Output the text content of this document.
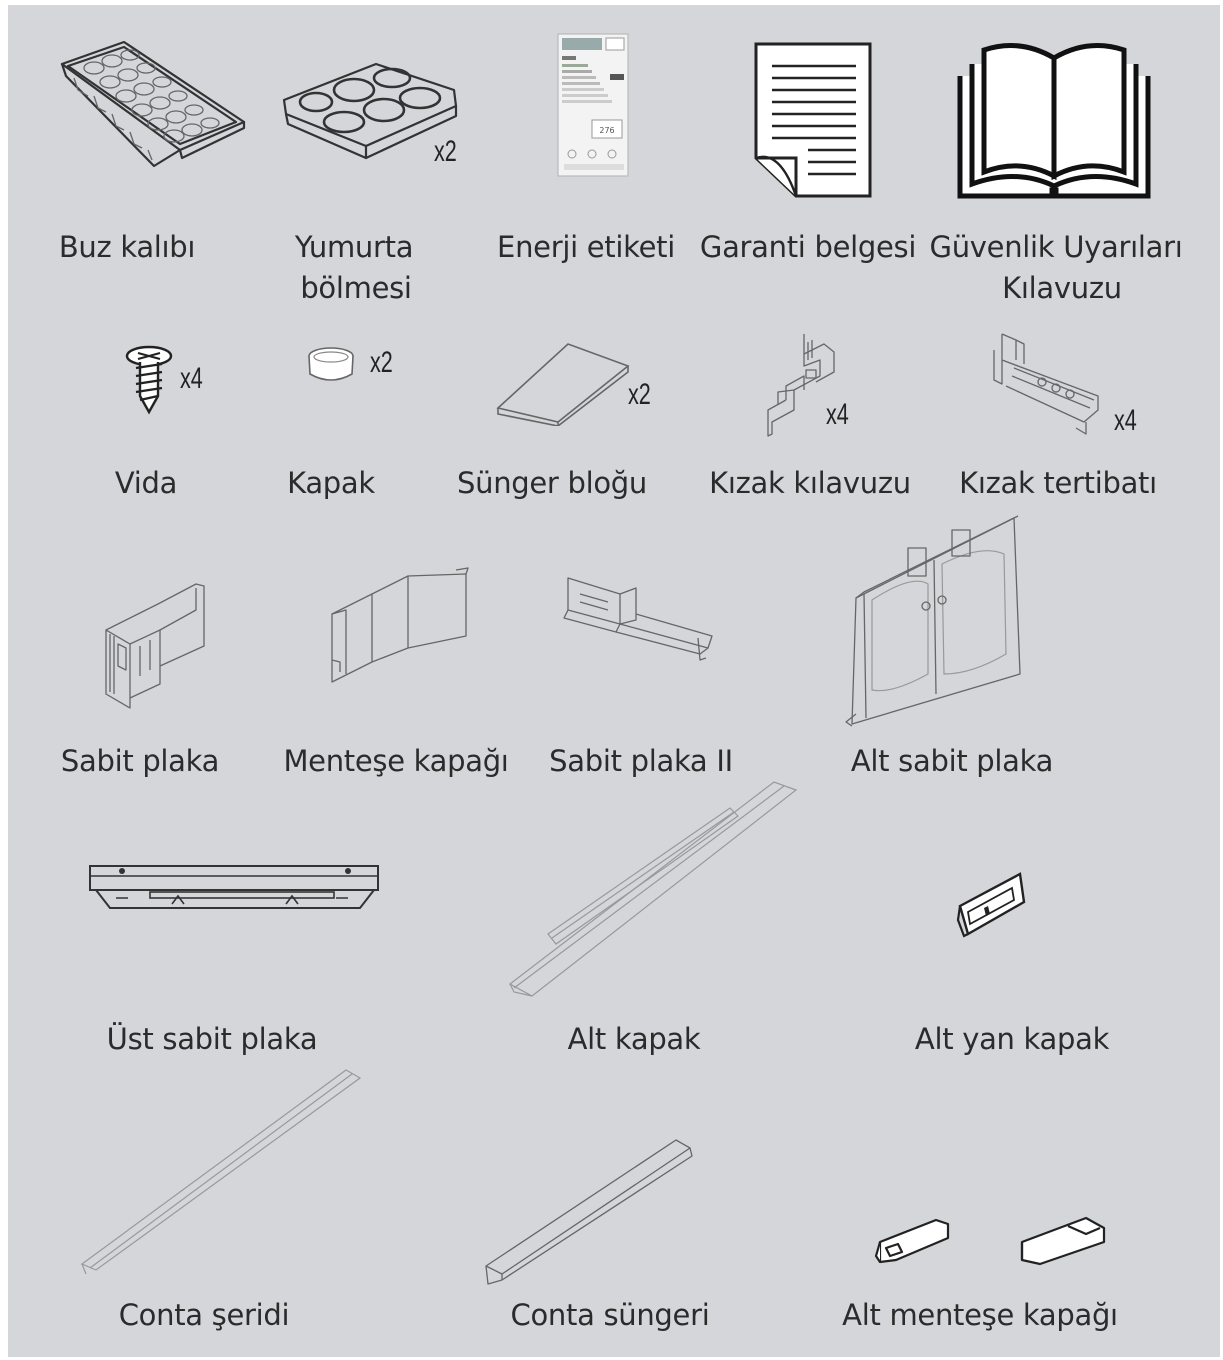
x2
276
Buz kalıbı	Yumurta
bölmesi
Enerji etiketi Garanti belgesi Güvenlik Uyarıları
Kılavuzu
x4	x2
x2
x4	x4
Vida	Kapak	Sünger bloğu Kızak kılavuzu Kızak tertibatı
Sabit plaka Menteşe kapağı Sabit plaka II	Alt sabit plaka
Üst sabit plaka	Alt kapak	Alt yan kapak
Conta şeridi	Conta süngeri	Alt menteşe kapağı
